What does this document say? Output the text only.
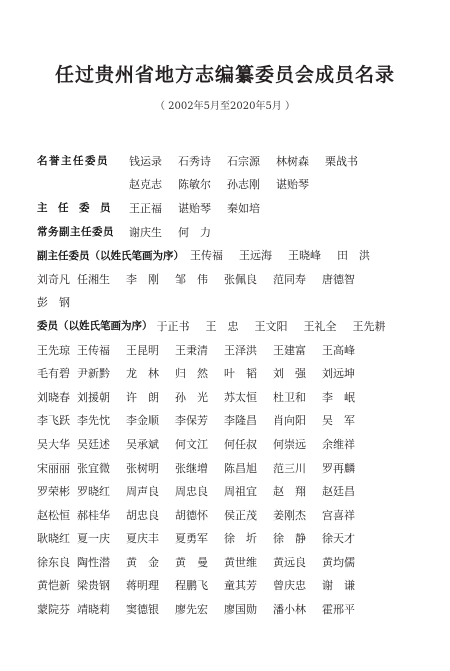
任过贵州省地方志编纂委员会成员名录
（ 2002年5月至2020年5月 ）
名誉主任委员	钱运录	石秀诗	石宗源	林树森	栗战书
赵克志	陈敏尔	孙志刚	谌贻琴
主　任　委　员	王正福	谌贻琴	秦如培
常务副主任委员	谢庆生	何　力
副主任委员（以姓氏笔画为序） 王传福	王远海	王晓峰	田　洪
刘奇凡 任湘生	李　刚	邹　伟	张佩良	范同寿	唐德智
彭　钢
委员（以姓氏笔画为序） 于正书	王　忠	王文阳	王礼全	王先耕
王先琼 王传福	王昆明	王秉清	王泽洪	王建富	王高峰
毛有碧 尹新黔	龙　林	归　然	叶　韬	刘　强	刘远坤
刘晓春 刘援朝	许　朗	孙　光	苏太恒	杜卫和	李　岷
李飞跃 李先忱	李金顺	李保芳	李隆昌	肖向阳	吴　军
吴大华 吴廷述	吴承斌	何文江	何任叔	何崇远	余维祥
宋丽丽 张宜微	张树明	张继增	陈昌旭	范三川	罗再麟
罗荣彬 罗晓红	周声良	周忠良	周祖宜	赵　翔	赵廷昌
赵松恒 郝桂华	胡忠良	胡德怀	侯正茂	姜刚杰	宫喜祥
耿晓红 夏一庆	夏庆丰	夏勇军	徐　圻	徐　静	徐天才
徐东良 陶性潜	黄　金	黄　曼	黄世维	黄远良	黄均儒
黄恺新 梁贵钢	蒋明理	程鹏飞	童其芳	曾庆忠	谢　谦
蒙院芬 靖晓莉	窦德银	廖先宏	廖国勋	潘小林	霍邢平
